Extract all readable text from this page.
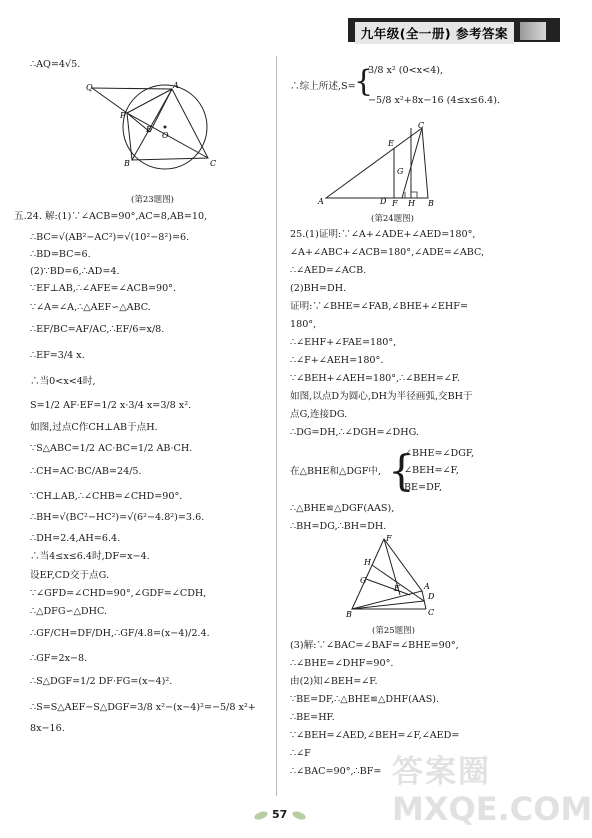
九年级(全一册) 参考答案
Q	A
P
E
O
B	C
(第23题图)
∴AQ=4√5.
五.24. 解:(1)∵∠ACB=90°,AC=8,AB=10,
∴BC=√(AB²−AC²)=√(10²−8²)=6.
∴BD=BC=6.
(2)∵BD=6,∴AD=4.
∵EF⊥AB,∴∠AFE=∠ACB=90°.
∵∠A=∠A,∴△AEF∽△ABC.
∴EF/BC=AF/AC,∴EF/6=x/8.
∴EF=3/4 x.
∴当0<x<4时,
S=1/2 AF·EF=1/2 x·3/4 x=3/8 x².
如图,过点C作CH⊥AB于点H.
∵S△ABC=1/2 AC·BC=1/2 AB·CH.
∴CH=AC·BC/AB=24/5.
∵CH⊥AB,∴∠CHB=∠CHD=90°.
∴BH=√(BC²−HC²)=√(6²−4.8²)=3.6.
∴DH=2.4,AH=6.4.
∴当4≤x≤6.4时,DF=x−4.
设EF,CD交于点G.
∵∠GFD=∠CHD=90°,∠GDF=∠CDH,
∴△DFG∽△DHC.
∴GF/CH=DF/DH,∴GF/4.8=(x−4)/2.4.
∴GF=2x−8.
∴S△DGF=1/2 DF·FG=(x−4)².
∴S=S△AEF−S△DGF=3/8 x²−(x−4)²=−5/8 x²+
8x−16.
∴综上所述,S=
{
3/8 x² (0<x<4),
−5/8 x²+8x−16 (4≤x≤6.4).
C
E
G
A	D F H B
(第24题图)
25.(1)证明:∵∠A+∠ADE+∠AED=180°,
∠A+∠ABC+∠ACB=180°,∠ADE=∠ABC,
∴∠AED=∠ACB.
(2)BH=DH.
证明:∵∠BHE=∠FAB,∠BHE+∠EHF=
180°,
∴∠EHF+∠FAE=180°,
∴∠F+∠AEH=180°.
∵∠BEH+∠AEH=180°,∴∠BEH=∠F.
如图,以点D为圆心,DH为半径画弧,交BH于
点G,连接DG.
∴DG=DH,∴∠DGH=∠DHG.
在△BHE和△DGF中, {
∠BHE=∠DGF,
∠BEH=∠F,
BE=DF,
∴△BHE≌△DGF(AAS),
∴BH=DG,∴BH=DH.
F
H
E
G
A
D
B	C
(第25题图)
(3)解:∵∠BAC=∠BAF=∠BHE=90°,
∴∠BHE=∠DHF=90°.
由(2)知∠BEH=∠F.
∵BE=DF,∴△BHE≌△DHF(AAS).
∴BE=HF.
∵∠BEH=∠AED,∠BEH=∠F,∠AED=
∴∠BAC=90°,∴BF=
∴∠F
答案圈
MXQE.COM
57
